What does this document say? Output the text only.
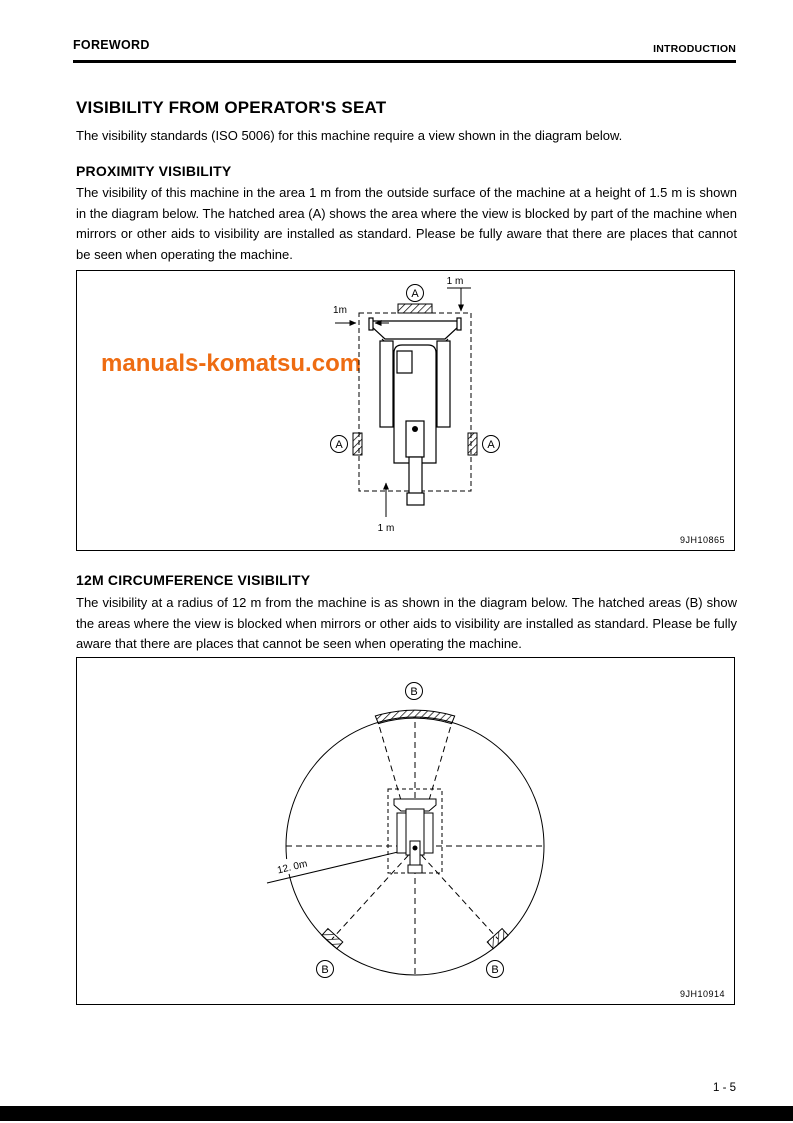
FOREWORD	INTRODUCTION
VISIBILITY FROM OPERATOR'S SEAT
The visibility standards (ISO 5006) for this machine require a view shown in the diagram below.
PROXIMITY VISIBILITY
The visibility of this machine in the area 1 m from the outside surface of the machine at a height of 1.5 m is shown in the diagram below. The hatched area (A) shows the area where the view is blocked by part of the machine when mirrors or other aids to visibility are installed as standard. Please be fully aware that there are places that cannot be seen when operating the machine.
manuals-komatsu.com
1 m
1m
1 m
A
A	A
9JH10865
12M CIRCUMFERENCE VISIBILITY
The visibility at a radius of 12 m from the machine is as shown in the diagram below. The hatched areas (B) show the areas where the view is blocked when mirrors or other aids to visibility are installed as standard. Please be fully aware that there are places that cannot be seen when operating the machine.
12. 0m
B
B	B
9JH10914
1 - 5
